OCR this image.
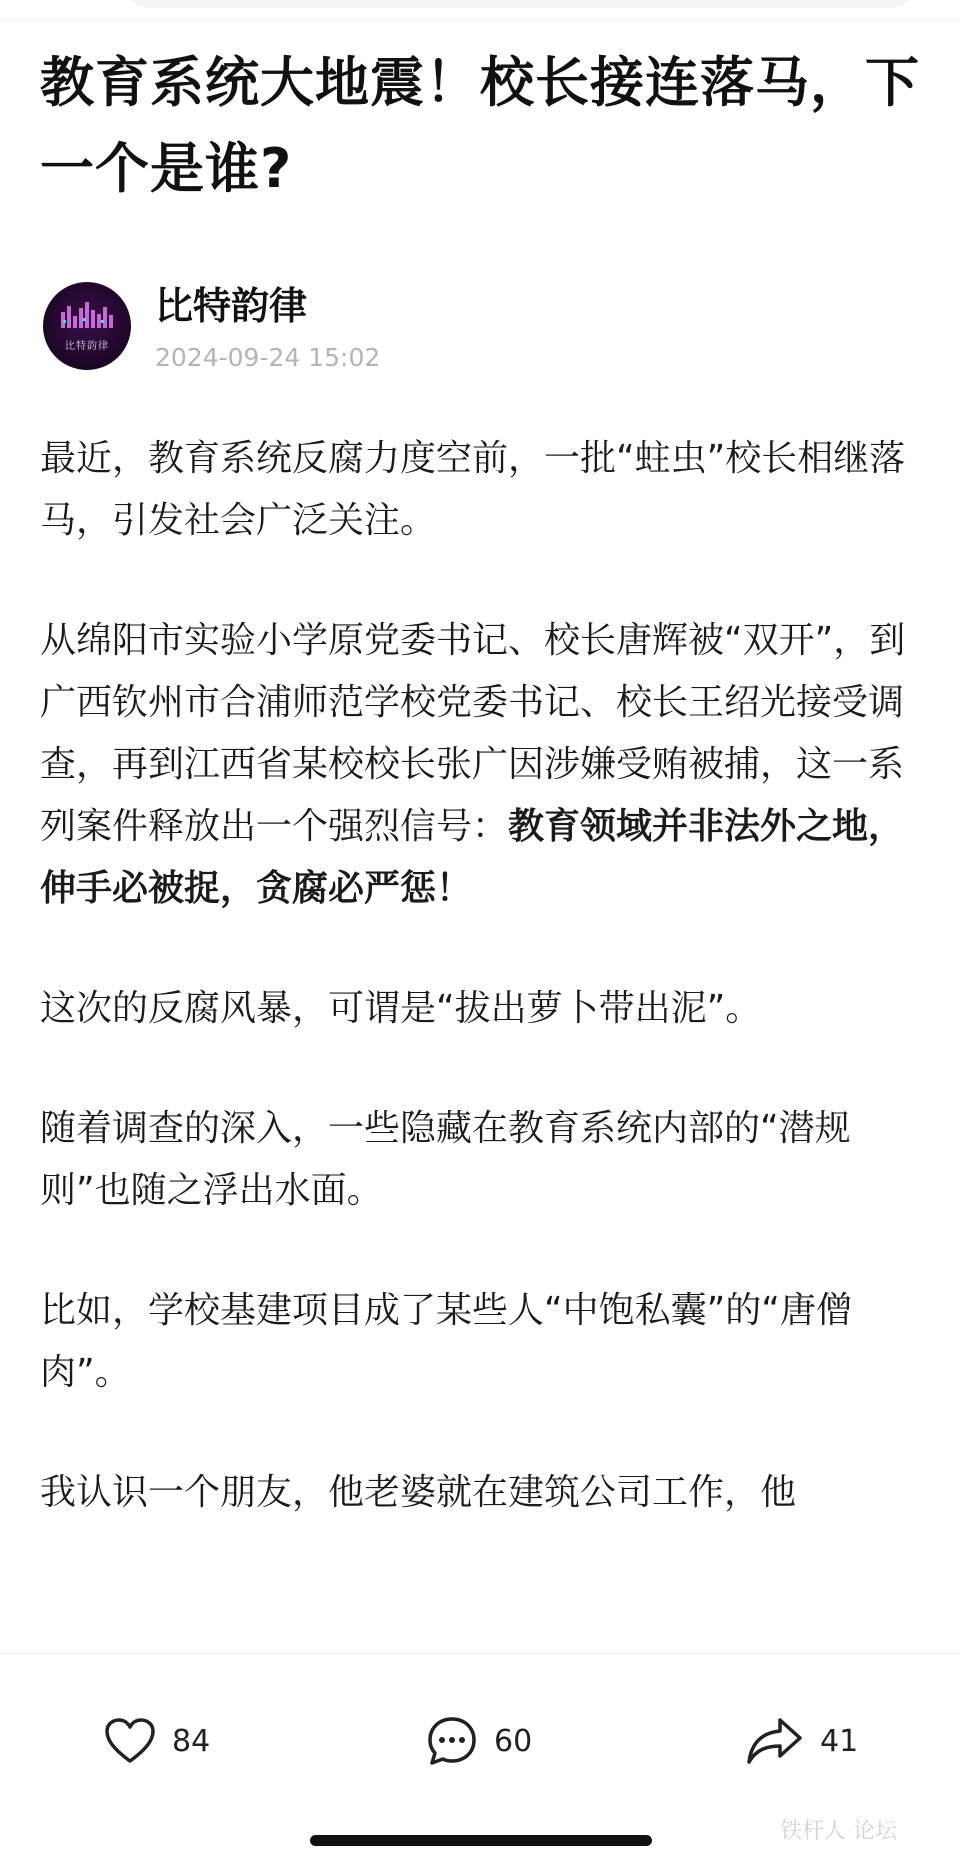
教育系统大地震！校长接连落马，下一个是谁?
比特韵律
比特韵律
2024-09-24 15:02

最近，教育系统反腐力度空前，一批“蛀虫”校长相继落马，引发社会广泛关注。

从绵阳市实验小学原党委书记、校长唐辉被“双开”，到广西钦州市合浦师范学校党委书记、校长王绍光接受调查，再到江西省某校校长张广因涉嫌受贿被捕，这一系列案件释放出一个强烈信号：教育领域并非法外之地，伸手必被捉，贪腐必严惩！

这次的反腐风暴，可谓是“拔出萝卜带出泥”。

随着调查的深入，一些隐藏在教育系统内部的“潜规则”也随之浮出水面。

比如，学校基建项目成了某些人“中饱私囊”的“唐僧肉”。

我认识一个朋友，他老婆就在建筑公司工作，他

84	60	41
铁杆人 论坛
